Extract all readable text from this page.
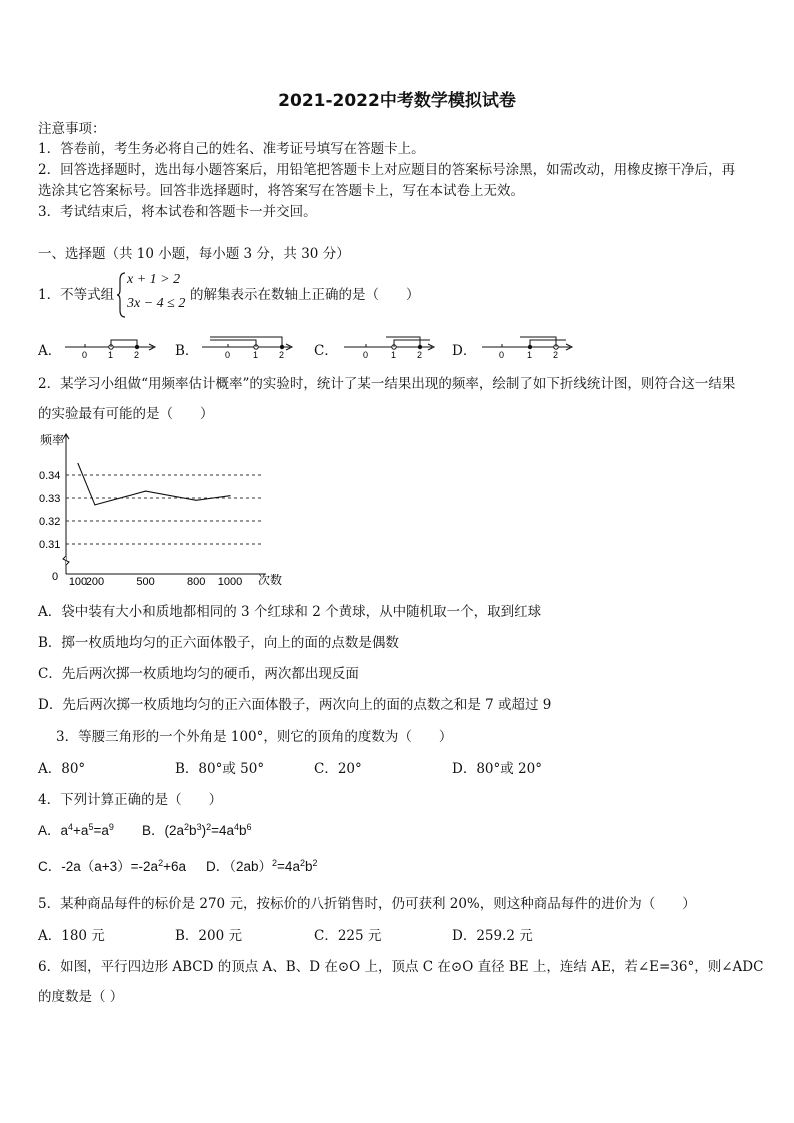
2021-2022中考数学模拟试卷
注意事项：
1．答卷前，考生务必将自己的姓名、准考证号填写在答题卡上。
2．回答选择题时，选出每小题答案后，用铅笔把答题卡上对应题目的答案标号涂黑，如需改动，用橡皮擦干净后，再
选涂其它答案标号。回答非选择题时，将答案写在答题卡上，写在本试卷上无效。
3．考试结束后，将本试卷和答题卡一并交回。
一、选择题（共 10 小题，每小题 3 分，共 30 分）
1．不等式组
x + 1 > 2
3x − 4 ≤ 2
的解集表示在数轴上正确的是（　　）
A． 0 1 2	B．	0	1 2 C．	0	1 2 D．	0	1 2
2．某学习小组做“用频率估计概率”的实验时，统计了某一结果出现的频率，绘制了如下折线统计图，则符合这一结果
的实验最有可能的是（　　）
频率
次数
0
0.34
0.33
0.32
0.31
100
200	500	800 1000
A．袋中装有大小和质地都相同的 3 个红球和 2 个黄球，从中随机取一个，取到红球
B．掷一枚质地均匀的正六面体骰子，向上的面的点数是偶数
C．先后两次掷一枚质地均匀的硬币，两次都出现反面
D．先后两次掷一枚质地均匀的正六面体骰子，两次向上的面的点数之和是 7 或超过 9
3．等腰三角形的一个外角是 100°，则它的顶角的度数为（　　）
A．80°	B．80°或 50°	C．20°	D．80°或 20°
4．下列计算正确的是（　　）
A．$a^4+a^5=a^9$ B．$(2a^2b^3)^2=4a^4b^6$
C．$-2a(a+3)=-2a^2+6a$ D．$(2ab)^2=4a^2b^2$
5．某种商品每件的标价是 270 元，按标价的八折销售时，仍可获利 20%，则这种商品每件的进价为（　　）
A．180 元	B．200 元	C．225 元	D．259.2 元
6．如图，平行四边形 ABCD 的顶点 A、B、D 在⊙O 上，顶点 C 在⊙O 直径 BE 上，连结 AE，若∠E=36°，则∠ADC
的度数是（ ）
